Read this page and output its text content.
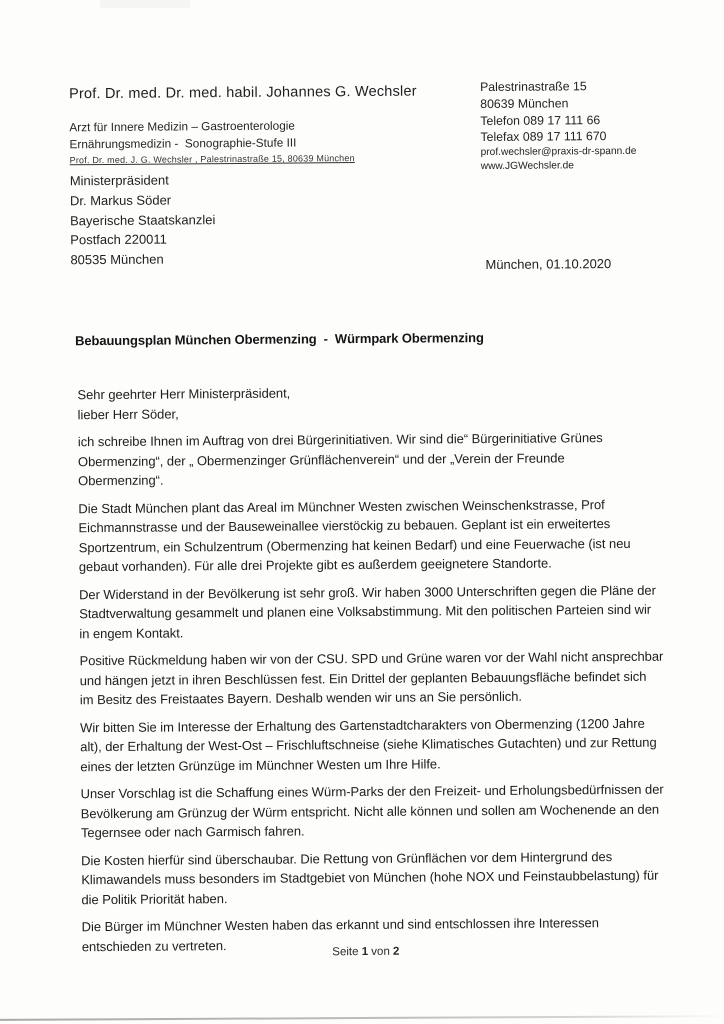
Prof. Dr. med. Dr. med. habil. Johannes G. Wechsler
Arzt für Innere Medizin – Gastroenterologie
Ernährungsmedizin -  Sonographie-Stufe III
Prof. Dr. med. J. G. Wechsler , Palestrinastraße 15, 80639 München
Palestrinastraße 15
80639 München
Telefon 089 17 111 66
Telefax 089 17 111 670
prof.wechsler@praxis-dr-spann.de
www.JGWechsler.de
Ministerpräsident
Dr. Markus Söder
Bayerische Staatskanzlei
Postfach 220011
80535 München	München, 01.10.2020
Bebauungsplan München Obermenzing  -  Würmpark Obermenzing

Sehr geehrter Herr Ministerpräsident,
lieber Herr Söder,

ich schreibe Ihnen im Auftrag von drei Bürgerinitiativen. Wir sind die“ Bürgerinitiative Grünes
Obermenzing“, der „ Obermenzinger Grünflächenverein“ und der „Verein der Freunde
Obermenzing“.

Die Stadt München plant das Areal im Münchner Westen zwischen Weinschenkstrasse, Prof
Eichmannstrasse und der Bauseweinallee vierstöckig zu bebauen. Geplant ist ein erweitertes
Sportzentrum, ein Schulzentrum (Obermenzing hat keinen Bedarf) und eine Feuerwache (ist neu
gebaut vorhanden). Für alle drei Projekte gibt es außerdem geeignetere Standorte.

Der Widerstand in der Bevölkerung ist sehr groß. Wir haben 3000 Unterschriften gegen die Pläne der
Stadtverwaltung gesammelt und planen eine Volksabstimmung. Mit den politischen Parteien sind wir
in engem Kontakt.

Positive Rückmeldung haben wir von der CSU. SPD und Grüne waren vor der Wahl nicht ansprechbar
und hängen jetzt in ihren Beschlüssen fest. Ein Drittel der geplanten Bebauungsfläche befindet sich
im Besitz des Freistaates Bayern. Deshalb wenden wir uns an Sie persönlich.

Wir bitten Sie im Interesse der Erhaltung des Gartenstadtcharakters von Obermenzing (1200 Jahre
alt), der Erhaltung der West-Ost – Frischluftschneise (siehe Klimatisches Gutachten) und zur Rettung
eines der letzten Grünzüge im Münchner Westen um Ihre Hilfe.

Unser Vorschlag ist die Schaffung eines Würm-Parks der den Freizeit- und Erholungsbedürfnissen der
Bevölkerung am Grünzug der Würm entspricht. Nicht alle können und sollen am Wochenende an den
Tegernsee oder nach Garmisch fahren.

Die Kosten hierfür sind überschaubar. Die Rettung von Grünflächen vor dem Hintergrund des
Klimawandels muss besonders im Stadtgebiet von München (hohe NOX und Feinstaubbelastung) für
die Politik Priorität haben.

Die Bürger im Münchner Westen haben das erkannt und sind entschlossen ihre Interessen
entschieden zu vertreten.	Seite 1 von 2
